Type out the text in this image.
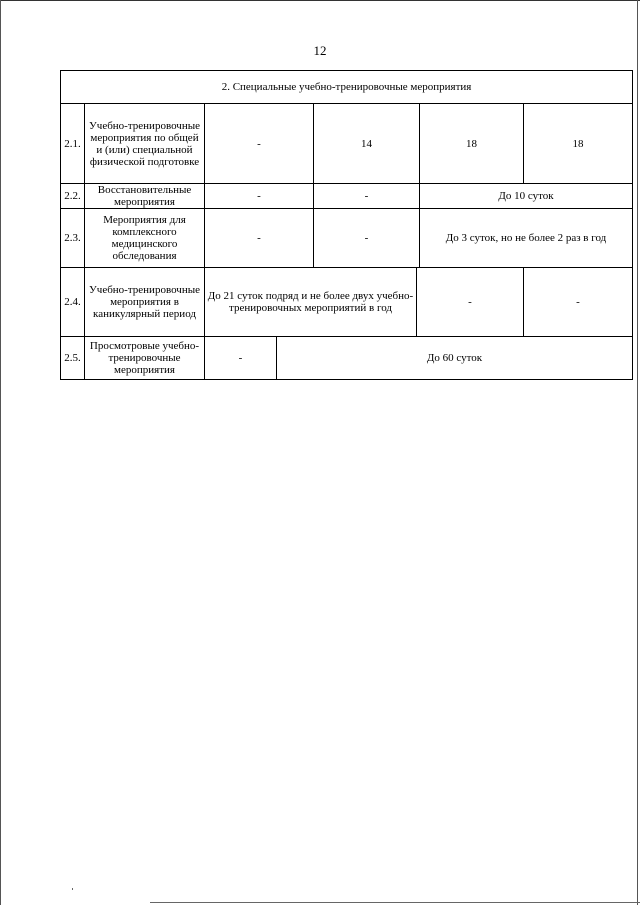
12
2. Специальные учебно-тренировочные мероприятия							
2.1.	Учебно-тренировочные мероприятия по общей и (или) специальной физической подготовке	-		14		18	18
2.2.	Восстановительные мероприятия	-		-		До 10 суток	
2.3.	Мероприятия для комплексного медицинского обследования	-		-		До 3 суток, но не более 2 раз в год	
2.4.	Учебно-тренировочные мероприятия в каникулярный период	До 21 суток подряд и не более двух учебно-тренировочных мероприятий в год			-		-
2.5.	Просмотровые учебно-тренировочные мероприятия	-	До 60 суток				
